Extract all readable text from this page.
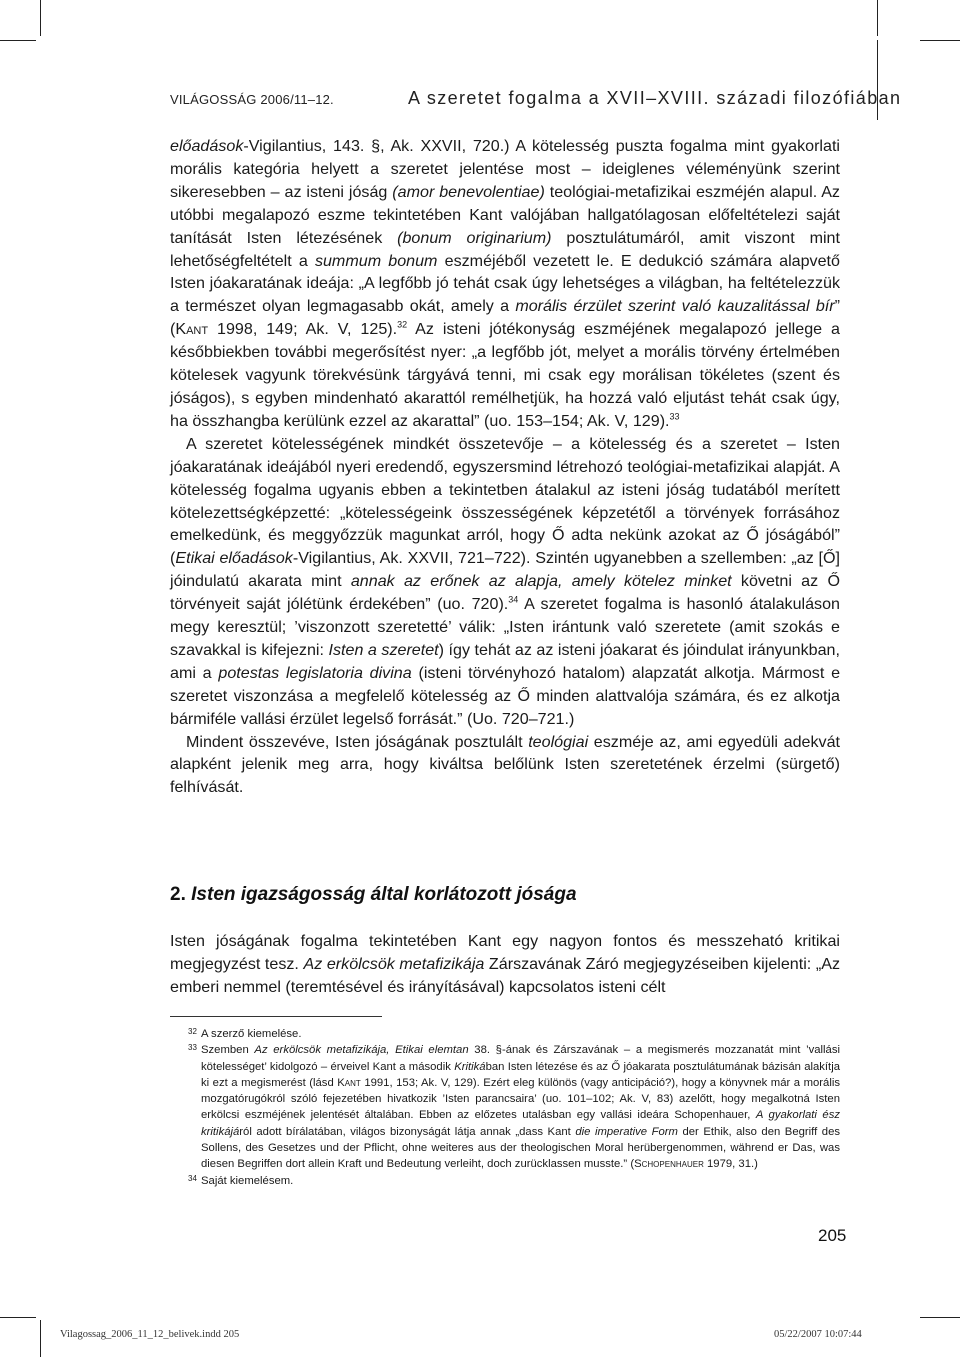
VILÁGOSSÁG 2006/11–12.	A szeretet fogalma a XVII–XVIII. századi filozófiában

előadások-Vigilantius, 143. §, Ak. XXVII, 720.) A kötelesség puszta fogalma mint gyakorlati morális kategória helyett a szeretet jelentése most – ideiglenes véleményünk szerint sikeresebben – az isteni jóság (amor benevolentiae) teológiai-metafizikai eszméjén alapul. Az utóbbi megalapozó eszme tekintetében Kant valójában hallgatólagosan előfeltételezi saját tanítását Isten létezésének (bonum originarium) posztulátumáról, amit viszont mint lehetőségfeltételt a summum bonum eszméjéből vezetett le. E dedukció számára alapvető Isten jóakaratának ideája: „A legfőbb jó tehát csak úgy lehetséges a világban, ha feltételezzük a természet olyan legmagasabb okát, amely a morális érzület szerint való kauzalitással bír” (Kant 1998, 149; Ak. V, 125).$^{32}$ Az isteni jótékonyság eszméjének megalapozó jellege a későbbiekben további megerősítést nyer: „a legfőbb jót, melyet a morális törvény értelmében kötelesek vagyunk törekvésünk tárgyává tenni, mi csak egy morálisan tökéletes (szent és jóságos), s egyben mindenható akarattól remélhetjük, ha hozzá való eljutást tehát csak úgy, ha összhangba kerülünk ezzel az akarattal” (uo. 153–154; Ak. V, 129).$^{33}$

A szeretet kötelességének mindkét összetevője – a kötelesség és a szeretet – Isten jóakaratának ideájából nyeri eredendő, egyszersmind létrehozó teológiai-metafizikai alapját. A kötelesség fogalma ugyanis ebben a tekintetben átalakul az isteni jóság tudatából merített kötelezettségképzetté: „kötelességeink összességének képzetétől a törvények forrásához emelkedünk, és meggyőzzük magunkat arról, hogy Ő adta nekünk azokat az Ő jóságából” (Etikai előadások-Vigilantius, Ak. XXVII, 721–722). Szintén ugyanebben a szellemben: „az [Ő] jóindulatú akarata mint annak az erőnek az alapja, amely kötelez minket követni az Ő törvényeit saját jólétünk érdekében” (uo. 720).$^{34}$ A szeretet fogalma is hasonló átalakuláson megy keresztül; ’viszonzott szeretetté’ válik: „Isten irántunk való szeretete (amit szokás e szavakkal is kifejezni: Isten a szeretet) így tehát az az isteni jóakarat és jóindulat irányunkban, ami a potestas legislatoria divina (isteni törvényhozó hatalom) alapzatát alkotja. Mármost e szeretet viszonzása a megfelelő kötelesség az Ő minden alattvalója számára, és ez alkotja bármiféle vallási érzület legelső forrását.” (Uo. 720–721.)

Mindent összevéve, Isten jóságának posztulált teológiai eszméje az, ami egyedüli adekvát alapként jelenik meg arra, hogy kiváltsa belőlünk Isten szeretetének érzelmi (sürgető) felhívását.

2. Isten igazságosság által korlátozott jósága

Isten jóságának fogalma tekintetében Kant egy nagyon fontos és messzeható kritikai megjegyzést tesz. Az erkölcsök metafizikája Zárszavának Záró megjegyzéseiben kijelenti: „Az emberi nemmel (teremtésével és irányításával) kapcsolatos isteni célt

32 A szerző kiemelése.
33 Szemben Az erkölcsök metafizikája, Etikai elemtan 38. §-ának és Zárszavának – a megismerés mozzanatát mint ’vallási kötelességet’ kidolgozó – érveivel Kant a második Kritikában Isten létezése és az Ő jóakarata posztulátumának bázisán alakítja ki ezt a megismerést (lásd Kant 1991, 153; Ak. V, 129). Ezért eleg különös (vagy anticipáció?), hogy a könyvnek már a morális mozgatórugókról szóló fejezetében hivatkozik ’Isten parancsaira’ (uo. 101–102; Ak. V, 83) azelőtt, hogy megalkotná Isten erkölcsi eszméjének jelentését általában. Ebben az előzetes utalásban egy vallási ideára Schopenhauer, A gyakorlati ész kritikájáról adott bírálatában, világos bizonyságát látja annak „dass Kant die imperative Form der Ethik, also den Begriff des Sollens, des Gesetzes und der Pflicht, ohne weiteres aus der theologischen Moral herübergenommen, während er Das, was diesen Begriffen dort allein Kraft und Bedeutung verleiht, doch zurücklassen musste.” (Schopenhauer 1979, 31.)
34 Saját kiemelésem.
205
Vilagossag_2006_11_12_belivek.indd 205	05/22/2007 10:07:44
